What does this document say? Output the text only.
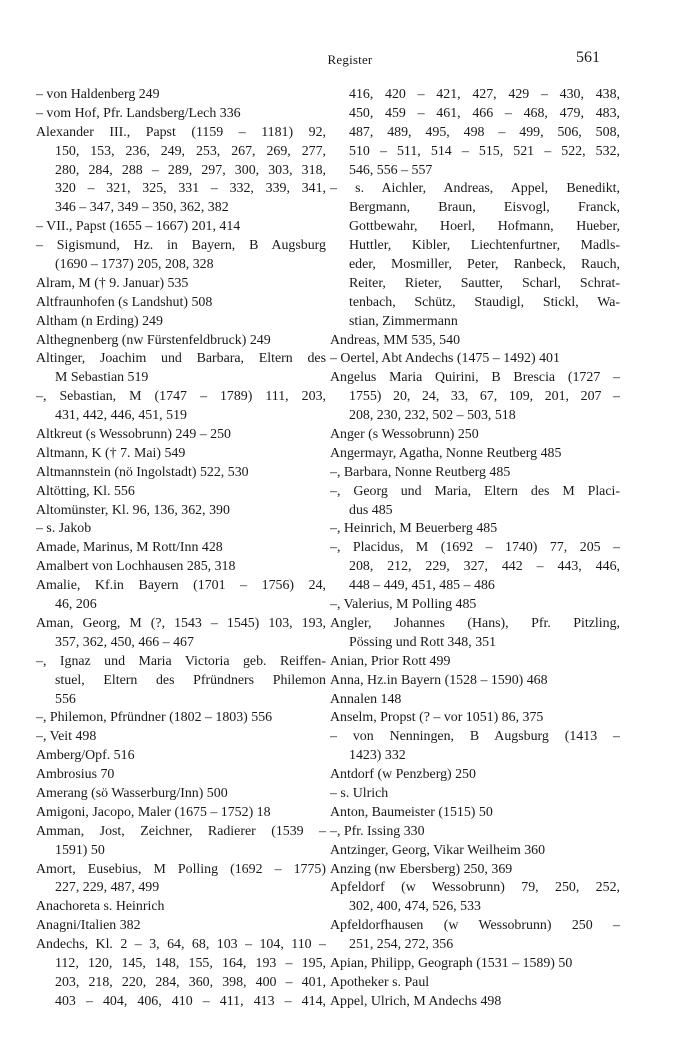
Register	561
– von Haldenberg 249
– vom Hof, Pfr. Landsberg/Lech 336
Alexander III., Papst (1159 – 1181) 92,
150, 153, 236, 249, 253, 267, 269, 277,
280, 284, 288 – 289, 297, 300, 303, 318,
320 – 321, 325, 331 – 332, 339, 341,
346 – 347, 349 – 350, 362, 382
– VII., Papst (1655 – 1667) 201, 414
– Sigismund, Hz. in Bayern, B Augsburg
(1690 – 1737) 205, 208, 328
Alram, M († 9. Januar) 535
Altfraunhofen (s Landshut) 508
Altham (n Erding) 249
Althegnenberg (nw Fürstenfeldbruck) 249
Altinger, Joachim und Barbara, Eltern des
M Sebastian 519
–, Sebastian, M (1747 – 1789) 111, 203,
431, 442, 446, 451, 519
Altkreut (s Wessobrunn) 249 – 250
Altmann, K († 7. Mai) 549
Altmannstein (nö Ingolstadt) 522, 530
Altötting, Kl. 556
Altomünster, Kl. 96, 136, 362, 390
– s. Jakob
Amade, Marinus, M Rott/Inn 428
Amalbert von Lochhausen 285, 318
Amalie, Kf.in Bayern (1701 – 1756) 24,
46, 206
Aman, Georg, M (?, 1543 – 1545) 103, 193,
357, 362, 450, 466 – 467
–, Ignaz und Maria Victoria geb. Reiffen-
stuel, Eltern des Pfründners Philemon
556
–, Philemon, Pfründner (1802 – 1803) 556
–, Veit 498
Amberg/Opf. 516
Ambrosius 70
Amerang (sö Wasserburg/Inn) 500
Amigoni, Jacopo, Maler (1675 – 1752) 18
Amman, Jost, Zeichner, Radierer (1539 –
1591) 50
Amort, Eusebius, M Polling (1692 – 1775)
227, 229, 487, 499
Anachoreta s. Heinrich
Anagni/Italien 382
Andechs, Kl. 2 – 3, 64, 68, 103 – 104, 110 –
112, 120, 145, 148, 155, 164, 193 – 195,
203, 218, 220, 284, 360, 398, 400 – 401,
403 – 404, 406, 410 – 411, 413 – 414,
416, 420 – 421, 427, 429 – 430, 438,
450, 459 – 461, 466 – 468, 479, 483,
487, 489, 495, 498 – 499, 506, 508,
510 – 511, 514 – 515, 521 – 522, 532,
546, 556 – 557
– s. Aichler, Andreas, Appel, Benedikt,
Bergmann, Braun, Eisvogl, Franck,
Gottbewahr, Hoerl, Hofmann, Hueber,
Huttler, Kibler, Liechtenfurtner, Madls-
eder, Mosmiller, Peter, Ranbeck, Rauch,
Reiter, Rieter, Sautter, Scharl, Schrat-
tenbach, Schütz, Staudigl, Stickl, Wa-
stian, Zimmermann
Andreas, MM 535, 540
– Oertel, Abt Andechs (1475 – 1492) 401
Angelus Maria Quirini, B Brescia (1727 –
1755) 20, 24, 33, 67, 109, 201, 207 –
208, 230, 232, 502 – 503, 518
Anger (s Wessobrunn) 250
Angermayr, Agatha, Nonne Reutberg 485
–, Barbara, Nonne Reutberg 485
–, Georg und Maria, Eltern des M Placi-
dus 485
–, Heinrich, M Beuerberg 485
–, Placidus, M (1692 – 1740) 77, 205 –
208, 212, 229, 327, 442 – 443, 446,
448 – 449, 451, 485 – 486
–, Valerius, M Polling 485
Angler, Johannes (Hans), Pfr. Pitzling,
Pössing und Rott 348, 351
Anian, Prior Rott 499
Anna, Hz.in Bayern (1528 – 1590) 468
Annalen 148
Anselm, Propst (? – vor 1051) 86, 375
– von Nenningen, B Augsburg (1413 –
1423) 332
Antdorf (w Penzberg) 250
– s. Ulrich
Anton, Baumeister (1515) 50
–, Pfr. Issing 330
Antzinger, Georg, Vikar Weilheim 360
Anzing (nw Ebersberg) 250, 369
Apfeldorf (w Wessobrunn) 79, 250, 252,
302, 400, 474, 526, 533
Apfeldorfhausen (w Wessobrunn) 250 –
251, 254, 272, 356
Apian, Philipp, Geograph (1531 – 1589) 50
Apotheker s. Paul
Appel, Ulrich, M Andechs 498
